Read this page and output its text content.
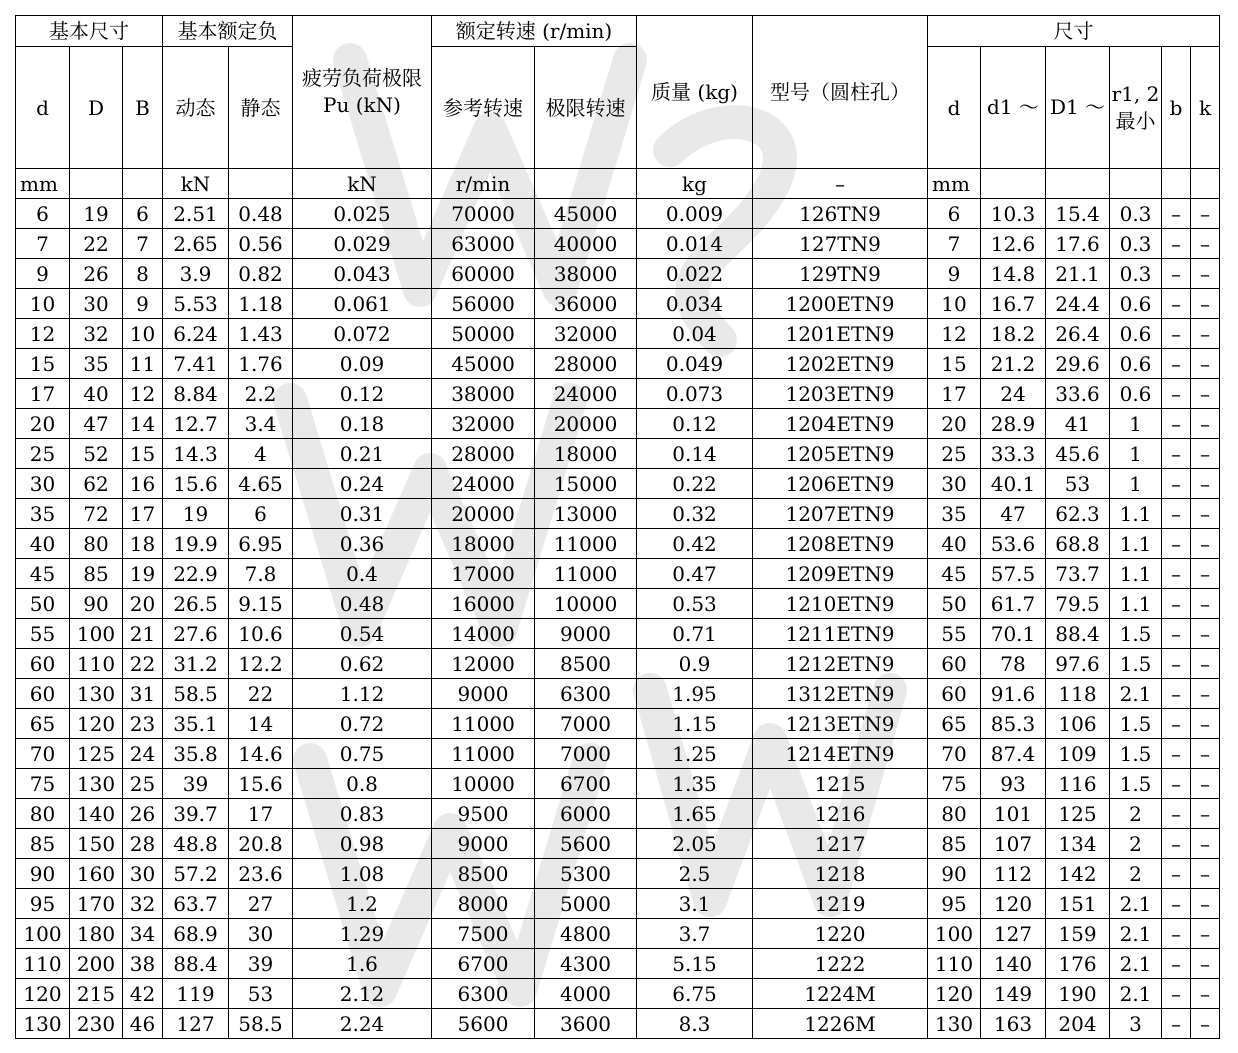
基本尺寸			基本额定负		疲劳负荷极限 Pu (kN)	额定转速 (r/min)		质量 (kg)	型号（圆柱孔）	尺寸					
d	D	B	动态	静态		参考转速	极限转速			d	d1 ～	D1 ～	r1, 2 最小	b	k
mm			kN		kN	r/min		kg	–	mm					
6	19	6	2.51	0.48	0.025	70000	45000	0.009	126TN9	6	10.3	15.4	0.3	–	–
7	22	7	2.65	0.56	0.029	63000	40000	0.014	127TN9	7	12.6	17.6	0.3	–	–
9	26	8	3.9	0.82	0.043	60000	38000	0.022	129TN9	9	14.8	21.1	0.3	–	–
10	30	9	5.53	1.18	0.061	56000	36000	0.034	1200ETN9	10	16.7	24.4	0.6	–	–
12	32	10	6.24	1.43	0.072	50000	32000	0.04	1201ETN9	12	18.2	26.4	0.6	–	–
15	35	11	7.41	1.76	0.09	45000	28000	0.049	1202ETN9	15	21.2	29.6	0.6	–	–
17	40	12	8.84	2.2	0.12	38000	24000	0.073	1203ETN9	17	24	33.6	0.6	–	–
20	47	14	12.7	3.4	0.18	32000	20000	0.12	1204ETN9	20	28.9	41	1	–	–
25	52	15	14.3	4	0.21	28000	18000	0.14	1205ETN9	25	33.3	45.6	1	–	–
30	62	16	15.6	4.65	0.24	24000	15000	0.22	1206ETN9	30	40.1	53	1	–	–
35	72	17	19	6	0.31	20000	13000	0.32	1207ETN9	35	47	62.3	1.1	–	–
40	80	18	19.9	6.95	0.36	18000	11000	0.42	1208ETN9	40	53.6	68.8	1.1	–	–
45	85	19	22.9	7.8	0.4	17000	11000	0.47	1209ETN9	45	57.5	73.7	1.1	–	–
50	90	20	26.5	9.15	0.48	16000	10000	0.53	1210ETN9	50	61.7	79.5	1.1	–	–
55	100	21	27.6	10.6	0.54	14000	9000	0.71	1211ETN9	55	70.1	88.4	1.5	–	–
60	110	22	31.2	12.2	0.62	12000	8500	0.9	1212ETN9	60	78	97.6	1.5	–	–
60	130	31	58.5	22	1.12	9000	6300	1.95	1312ETN9	60	91.6	118	2.1	–	–
65	120	23	35.1	14	0.72	11000	7000	1.15	1213ETN9	65	85.3	106	1.5	–	–
70	125	24	35.8	14.6	0.75	11000	7000	1.25	1214ETN9	70	87.4	109	1.5	–	–
75	130	25	39	15.6	0.8	10000	6700	1.35	1215	75	93	116	1.5	–	–
80	140	26	39.7	17	0.83	9500	6000	1.65	1216	80	101	125	2	–	–
85	150	28	48.8	20.8	0.98	9000	5600	2.05	1217	85	107	134	2	–	–
90	160	30	57.2	23.6	1.08	8500	5300	2.5	1218	90	112	142	2	–	–
95	170	32	63.7	27	1.2	8000	5000	3.1	1219	95	120	151	2.1	–	–
100	180	34	68.9	30	1.29	7500	4800	3.7	1220	100	127	159	2.1	–	–
110	200	38	88.4	39	1.6	6700	4300	5.15	1222	110	140	176	2.1	–	–
120	215	42	119	53	2.12	6300	4000	6.75	1224M	120	149	190	2.1	–	–
130	230	46	127	58.5	2.24	5600	3600	8.3	1226M	130	163	204	3	–	–
